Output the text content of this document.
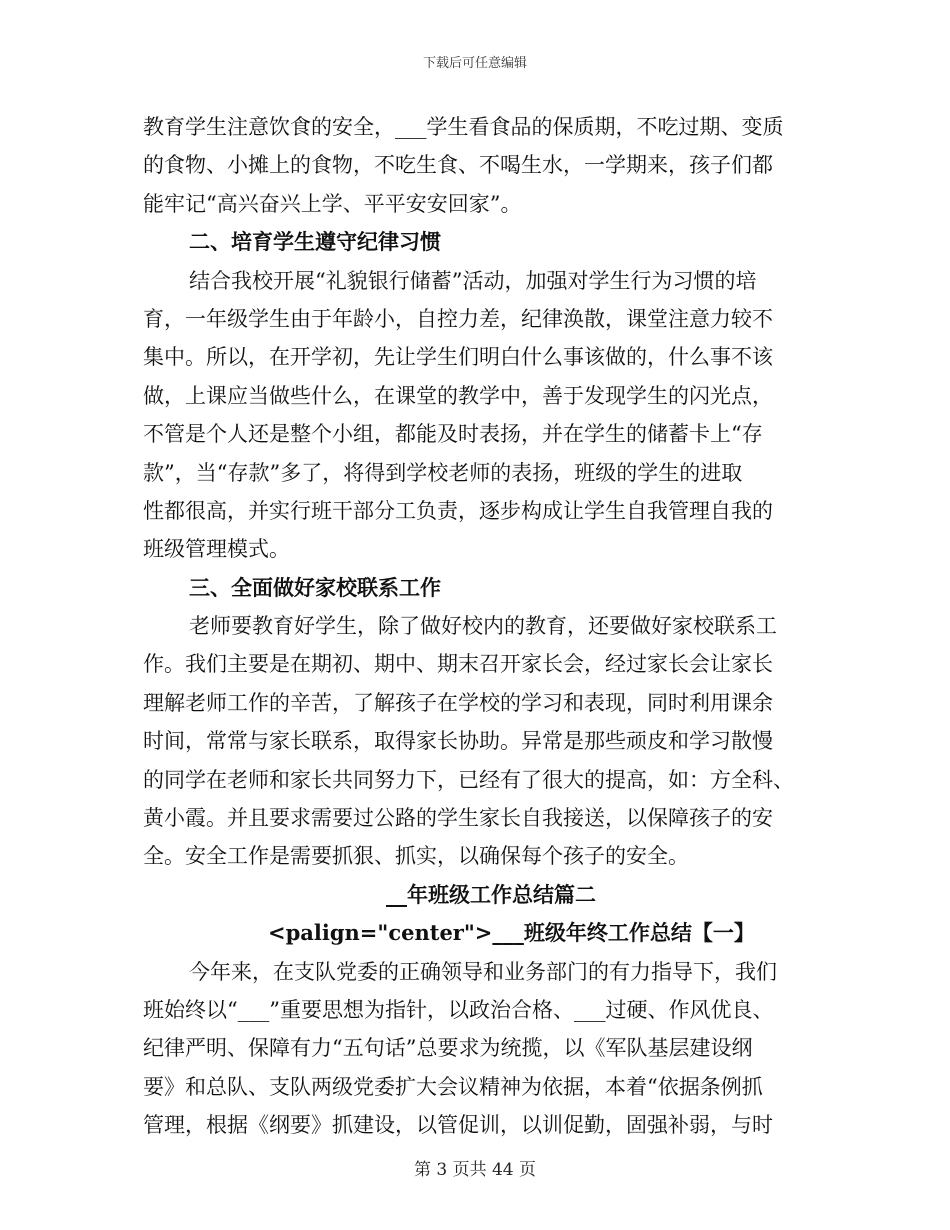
下载后可任意编辑
教育学生注意饮食的安全，___学生看食品的保质期，不吃过期、变质
的食物、小摊上的食物，不吃生食、不喝生水，一学期来，孩子们都
能牢记“高兴奋兴上学、平平安安回家”。
二、培育学生遵守纪律习惯
结合我校开展“礼貌银行储蓄”活动，加强对学生行为习惯的培
育，一年级学生由于年龄小，自控力差，纪律涣散，课堂注意力较不
集中。所以，在开学初，先让学生们明白什么事该做的，什么事不该
做，上课应当做些什么，在课堂的教学中，善于发现学生的闪光点，
不管是个人还是整个小组，都能及时表扬，并在学生的储蓄卡上“存
款”，当“存款”多了，将得到学校老师的表扬，班级的学生的进取
性都很高，并实行班干部分工负责，逐步构成让学生自我管理自我的
班级管理模式。
三、全面做好家校联系工作
老师要教育好学生，除了做好校内的教育，还要做好家校联系工
作。我们主要是在期初、期中、期末召开家长会，经过家长会让家长
理解老师工作的辛苦，了解孩子在学校的学习和表现，同时利用课余
时间，常常与家长联系，取得家长协助。异常是那些顽皮和学习散慢
的同学在老师和家长共同努力下，已经有了很大的提高，如：方全科、
黄小霞。并且要求需要过公路的学生家长自我接送，以保障孩子的安
全。安全工作是需要抓狠、抓实，以确保每个孩子的安全。
__年班级工作总结篇二
<palign="center">___班级年终工作总结【一】
今年来，在支队党委的正确领导和业务部门的有力指导下，我们
班始终以“___”重要思想为指针，以政治合格、___过硬、作风优良、
纪律严明、保障有力“五句话”总要求为统揽，以《军队基层建设纲
要》和总队、支队两级党委扩大会议精神为依据，本着“依据条例抓
管理，根据《纲要》抓建设，以管促训，以训促勤，固强补弱，与时
第 3 页共 44 页
